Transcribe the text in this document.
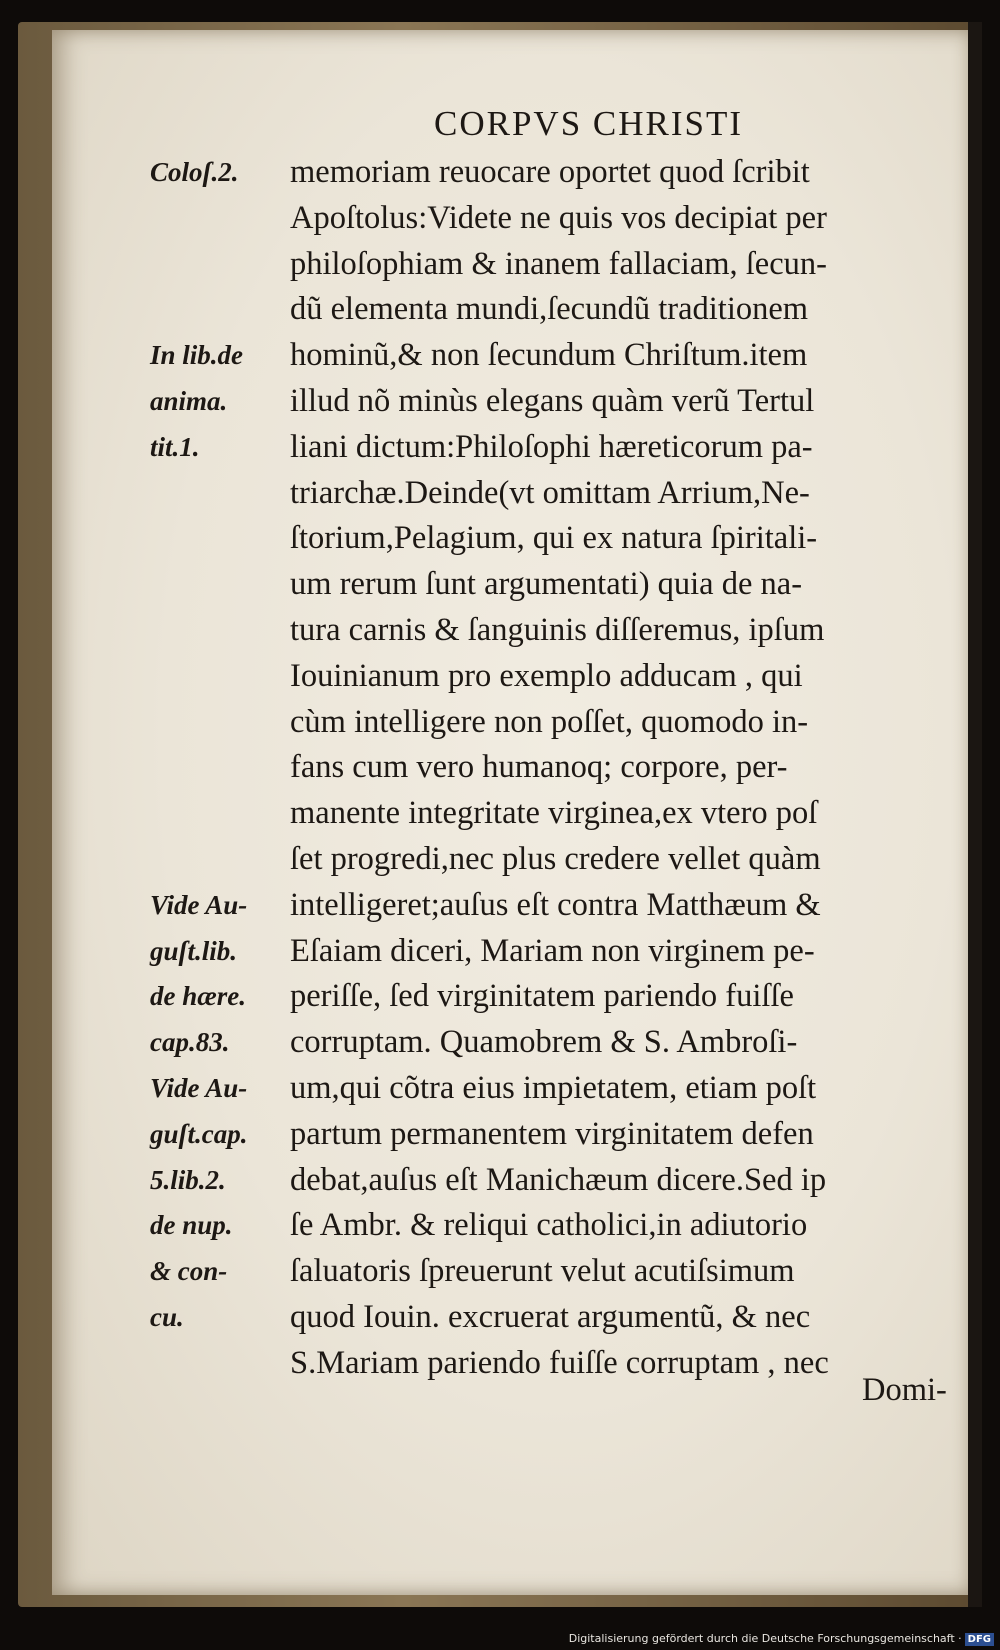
CORPVS CHRISTI
Coloſ.2.
In lib.de
anima.
tit.1.
Vide Au-
guſt.lib.
de hære.
cap.83.
Vide Au-
guſt.cap.
5.lib.2.
de nup.
& con-
cu.
memoriam reuocare oportet quod ſcribit
Apoſtolus:Videte ne quis vos decipiat per
philoſophiam & inanem fallaciam, ſecun-
dũ elementa mundi,ſecundũ traditionem
hominũ,& non ſecundum Chriſtum.item
illud nõ minùs elegans quàm verũ Tertul
liani dictum:Philoſophi hæreticorum pa-
triarchæ.Deinde(vt omittam Arrium,Ne-
ſtorium,Pelagium, qui ex natura ſpiritali-
um rerum ſunt argumentati) quia de na-
tura carnis & ſanguinis diſſeremus, ipſum
Iouinianum pro exemplo adducam , qui
cùm intelligere non poſſet, quomodo in-
fans cum vero humanoq; corpore, per-
manente integritate virginea,ex vtero poſ
ſet progredi,nec plus credere vellet quàm
intelligeret;auſus eſt contra Matthæum &
Eſaiam diceri, Mariam non virginem pe-
periſſe, ſed virginitatem pariendo fuiſſe
corruptam. Quamobrem & S. Ambroſi-
um,qui cõtra eius impietatem, etiam poſt
partum permanentem virginitatem defen
debat,auſus eſt Manichæum dicere.Sed ip
ſe Ambr. & reliqui catholici,in adiutorio
ſaluatoris ſpreuerunt velut acutiſsimum
quod Iouin. excruerat argumentũ, & nec
S.Mariam pariendo fuiſſe corruptam , nec
Domi-
Digitalisierung gefördert durch die Deutsche Forschungsgemeinschaft · DFG
